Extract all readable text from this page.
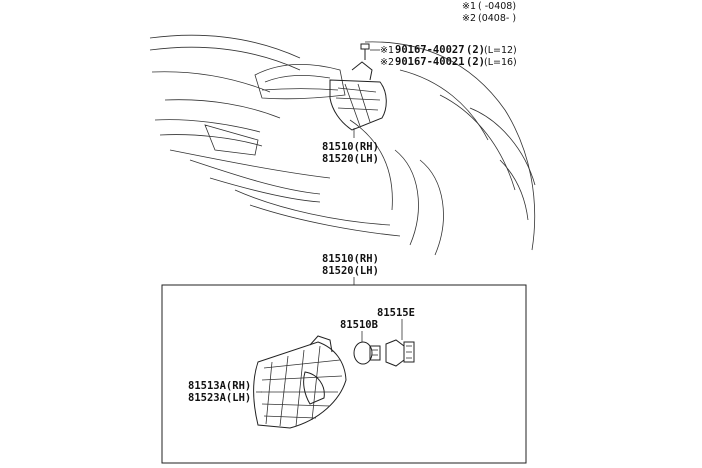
※1 ( -0408)
※2 (0408- )
※1 90167-40027 (2) (L=12)
※2 90167-40021 (2) (L=16)
81510(RH)
81520(LH)
81510(RH)
81520(LH)
81515E
81510B
81513A(RH)
81523A(LH)
